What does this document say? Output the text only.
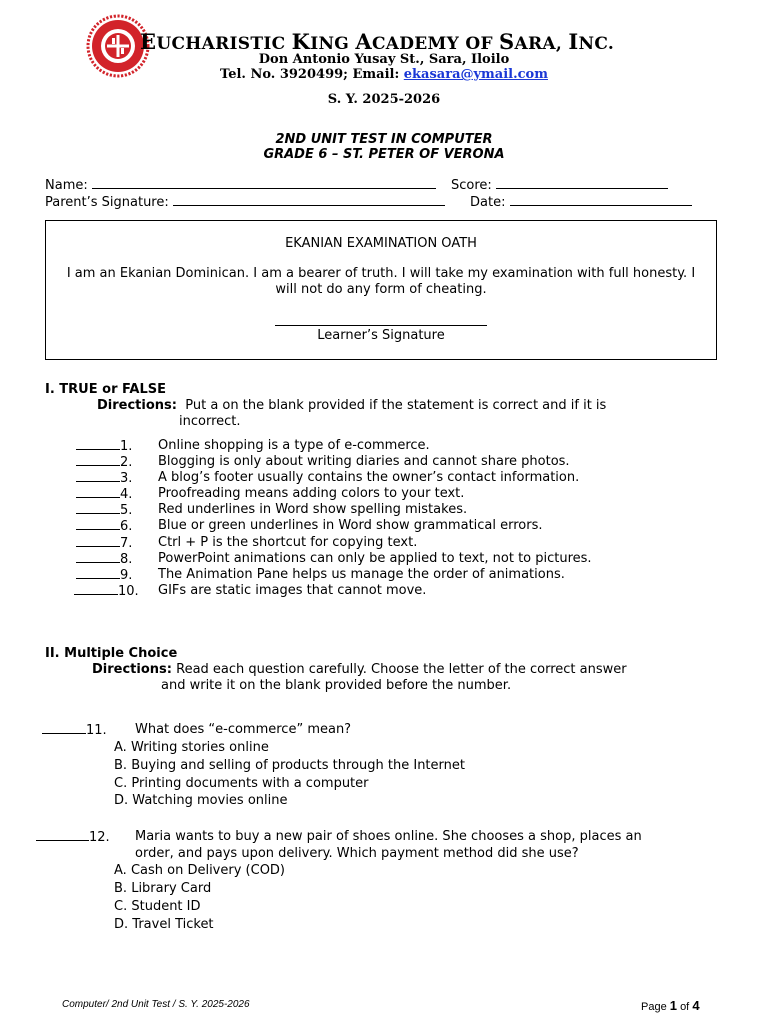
EUCHARISTIC KING ACADEMY OF SARA, INC.
Don Antonio Yusay St., Sara, Iloilo
Tel. No. 3920499; Email: ekasara@ymail.com
S. Y. 2025-2026
2ND UNIT TEST IN COMPUTER
GRADE 6 – ST. PETER OF VERONA
Name:	Score:
Parent’s Signature:	Date:
EKANIAN EXAMINATION OATH
I am an Ekanian Dominican. I am a bearer of truth. I will take my examination with full honesty. I will not do any form of cheating.
Learner’s Signature
I. TRUE or FALSE
Directions: Put a on the blank provided if the statement is correct and if it is
incorrect.
1. Online shopping is a type of e-commerce.
2. Blogging is only about writing diaries and cannot share photos.
3. A blog’s footer usually contains the owner’s contact information.
4. Proofreading means adding colors to your text.
5. Red underlines in Word show spelling mistakes.
6. Blue or green underlines in Word show grammatical errors.
7. Ctrl + P is the shortcut for copying text.
8. PowerPoint animations can only be applied to text, not to pictures.
9. The Animation Pane helps us manage the order of animations.
10. GIFs are static images that cannot move.
II. Multiple Choice
Directions: Read each question carefully. Choose the letter of the correct answer
and write it on the blank provided before the number.
11. What does “e-commerce” mean?
A. Writing stories online
B. Buying and selling of products through the Internet
C. Printing documents with a computer
D. Watching movies online
12. Maria wants to buy a new pair of shoes online. She chooses a shop, places an
order, and pays upon delivery. Which payment method did she use?
A. Cash on Delivery (COD)
B. Library Card
C. Student ID
D. Travel Ticket
Computer/ 2nd Unit Test / S. Y. 2025-2026	Page 1 of 4
